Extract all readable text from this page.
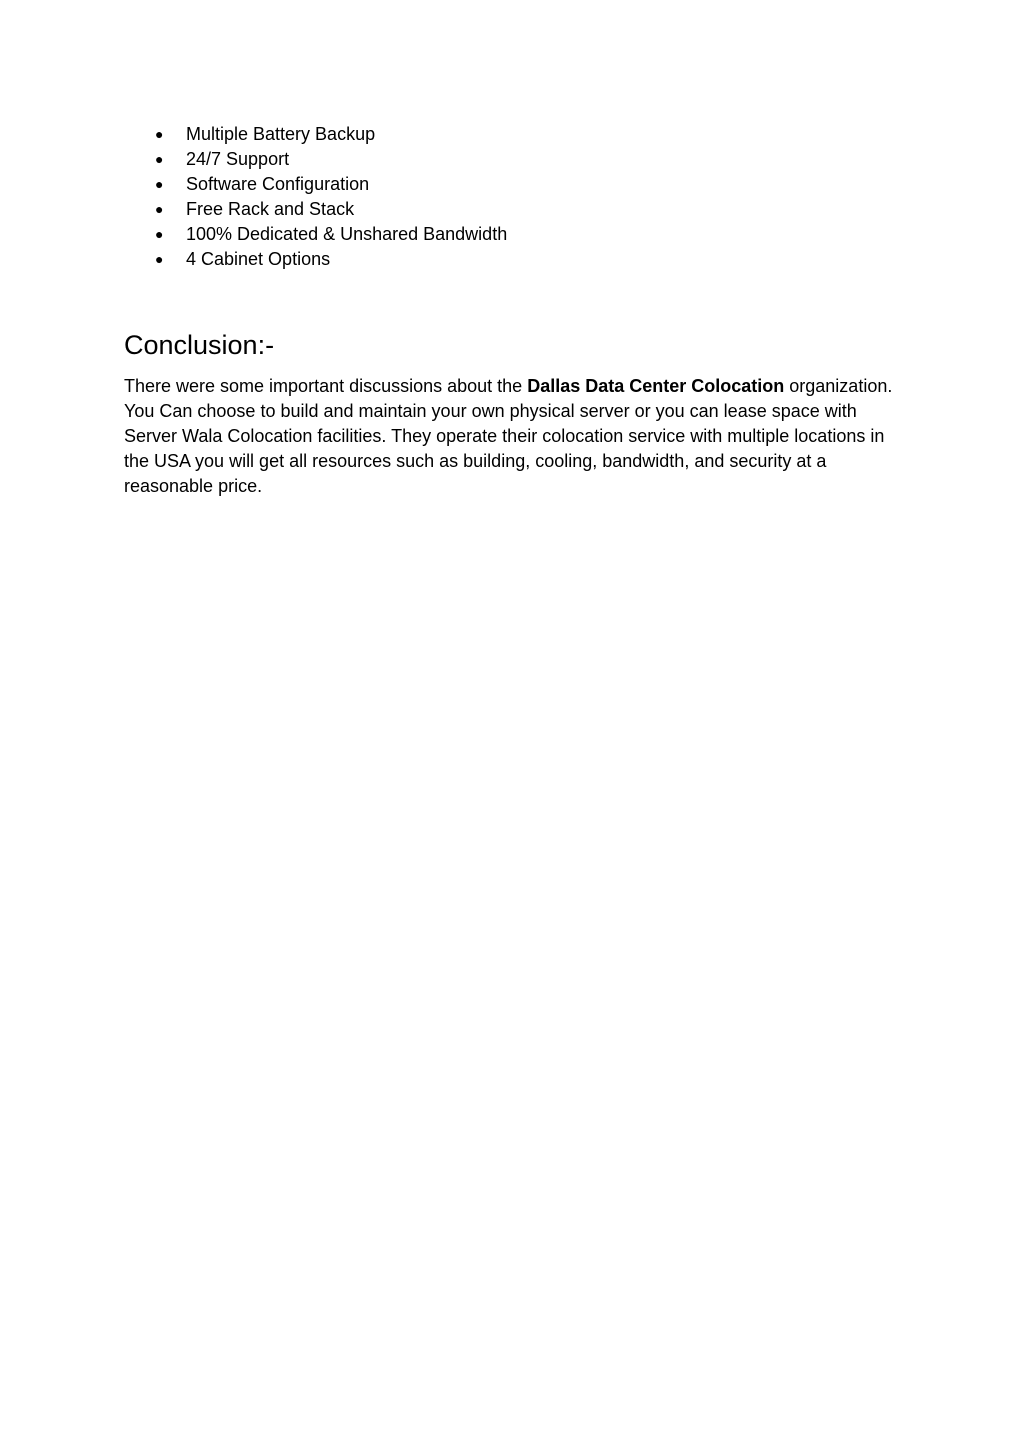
● Multiple Battery Backup
● 24/7 Support
● Software Configuration
● Free Rack and Stack
● 100% Dedicated & Unshared Bandwidth
● 4 Cabinet Options
Conclusion:-

There were some important discussions about the Dallas Data Center Colocation organization. You Can choose to build and maintain your own physical server or you can lease space with Server Wala Colocation facilities. They operate their colocation service with multiple locations in the USA you will get all resources such as building, cooling, bandwidth, and security at a reasonable price.
